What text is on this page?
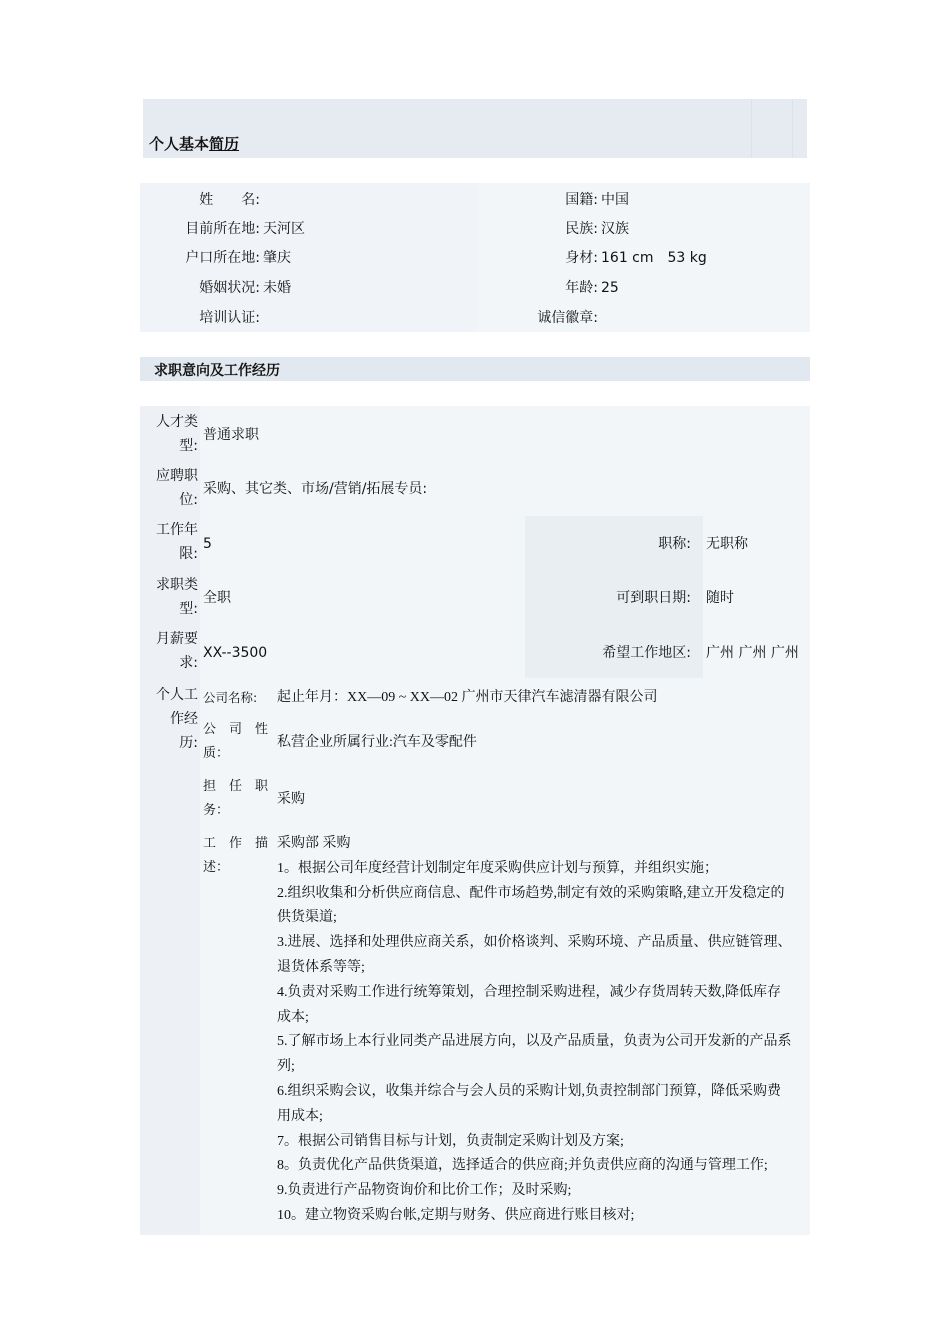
个人基本简历
姓　　名:	国籍: 中国
目前所在地: 天河区	民族: 汉族
户口所在地: 肇庆	身材: 161 cm　53 kg
婚姻状况: 未婚	年龄: 25
培训认证:	诚信徽章:
求职意向及工作经历
人才类
型:
普通求职
应聘职
位:
采购、其它类、市场/营销/拓展专员:
工作年
限:
5	职称: 无职称
求职类
型:
全职	可到职日期: 随时
月薪要
求:
XX--3500	希望工作地区: 广州 广州 广州
个人工
作经
历:
公司名称: 起止年月：XX—09 ~ XX—02 广州市天律汽车滤清器有限公司
公　司　性
质：
私营企业所属行业:汽车及零配件
担　任　职
务：
采购
工　作　描
述：
采购部 采购
1。根据公司年度经营计划制定年度采购供应计划与预算，并组织实施；
2.组织收集和分析供应商信息、配件市场趋势,制定有效的采购策略,建立开发稳定的
供货渠道;
3.进展、选择和处理供应商关系，如价格谈判、采购环境、产品质量、供应链管理、
退货体系等等;
4.负责对采购工作进行统筹策划，合理控制采购进程，减少存货周转天数,降低库存
成本;
5.了解市场上本行业同类产品进展方向，以及产品质量，负责为公司开发新的产品系
列;
6.组织采购会议，收集并综合与会人员的采购计划,负责控制部门预算，降低采购费
用成本;
7。根据公司销售目标与计划，负责制定采购计划及方案;
8。负责优化产品供货渠道，选择适合的供应商;并负责供应商的沟通与管理工作;
9.负责进行产品物资询价和比价工作；及时采购;
10。建立物资采购台帐,定期与财务、供应商进行账目核对;
